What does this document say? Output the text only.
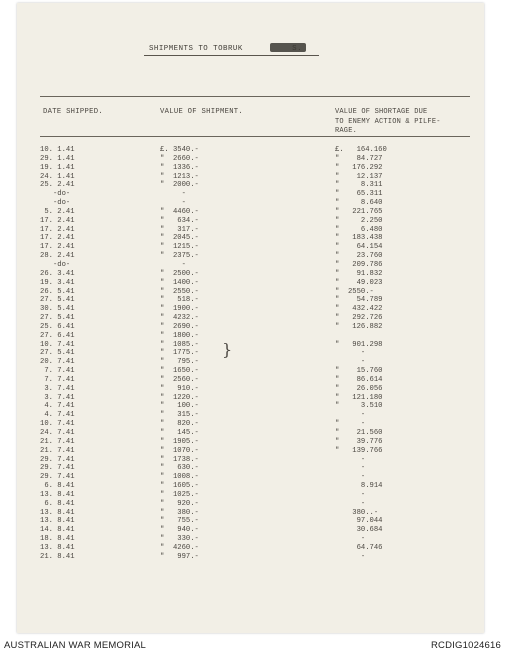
SHIPMENTS TO TOBRUK
DATE SHIPPED.	VALUE OF SHIPMENT.	VALUE OF SHORTAGE DUE
TO ENEMY ACTION & PILFE-
RAGE.
10. 1.41	£. 3540.-	£.   164.160
29. 1.41	"  2660.-	"    84.727
19. 1.41	"  1336.-	"   176.292
24. 1.41	"  1213.-	"    12.137
25. 2.41	"  2000.-	"     8.311
-do-	-	"    65.311
-do-	-	"     8.640
5. 2.41	"  4460.-	"   221.765
17. 2.41	"   634.-	"     2.250
17. 2.41	"   317.-	"     6.480
17. 2.41	"  2045.-	"   183.438
17. 2.41	"  1215.-	"    64.154
28. 2.41	"  2375.-	"    23.760
-do-	-	"   209.786
26. 3.41	"  2500.-	"    91.832
19. 3.41	"  1400.-	"    49.023
26. 5.41	"  2550.-	"  2550.-
27. 5.41	"   518.-	"    54.789
30. 5.41	"  1900.-	"   432.422
27. 5.41	"  4232.-	"   292.726
25. 6.41	"  2690.-	"   126.882
27. 6.41	"  1800.-
10. 7.41	"  1085.-	"   901.298
27. 5.41	"  1775.-	-
20. 7.41	"   795.-	-
7. 7.41	"  1650.-	"    15.760
7. 7.41	"  2560.-	"    86.614
3. 7.41	"   910.-	"    26.056
3. 7.41	"  1220.-	"   121.180
4. 7.41	"   100.-	"     3.510
4. 7.41	"   315.-	-
10. 7.41	"   820.-	"     -
24. 7.41	"   145.-	"    21.560
21. 7.41	"  1905.-	"    39.776
21. 7.41	"  1070.-	"   139.766
29. 7.41	"  1738.-	-
29. 7.41	"   630.-	-
29. 7.41	"  1008.-	-
6. 8.41	"  1605.-	8.914
13. 8.41	"  1025.-	-
6. 8.41	"   920.-	-
13. 8.41	"   380.-	380..-
13. 8.41	"   755.-	97.044
14. 8.41	"   940.-	30.684
18. 8.41	"   330.-	-
13. 8.41	"  4260.-	64.746
21. 8.41	"   997.-	-
}
AUSTRALIAN WAR MEMORIAL	RCDIG1024616
